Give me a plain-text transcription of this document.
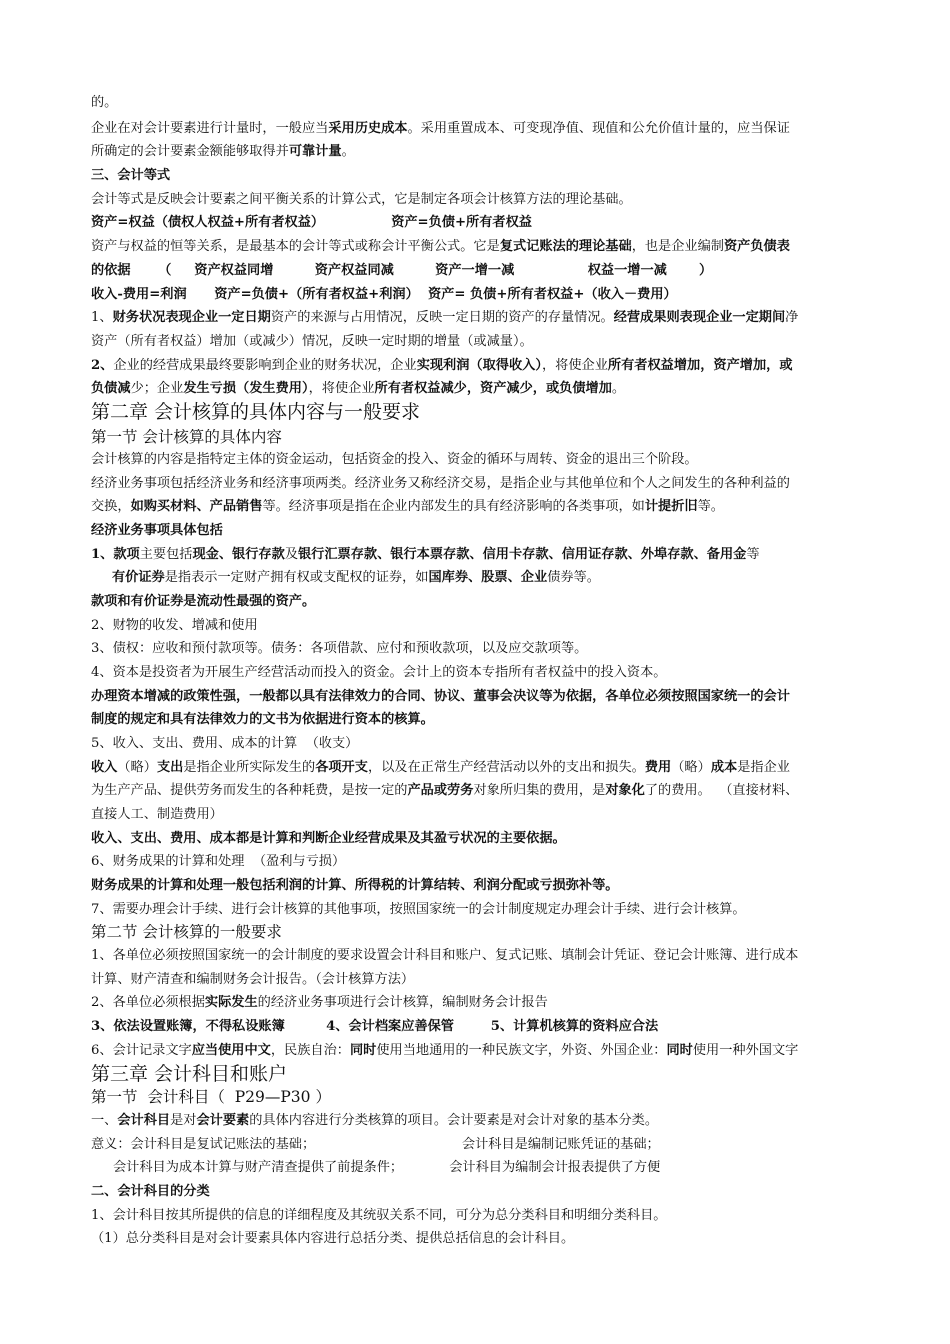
的。
企业在对会计要素进行计量时，一般应当采用历史成本。采用重置成本、可变现净值、现值和公允价值计量的，应当保证
所确定的会计要素金额能够取得并可靠计量。
三、会计等式
会计等式是反映会计要素之间平衡关系的计算公式，它是制定各项会计核算方法的理论基础。
资产=权益（债权人权益+所有者权益）	资产=负债+所有者权益
资产与权益的恒等关系，是最基本的会计等式或称会计平衡公式。它是复式记账法的理论基础，也是企业编制资产负债表
的依据      （     资产权益同增         资产权益同减         资产一增一减                权益一增一减       ）
收入-费用=利润      资产=负债+（所有者权益+利润）  资产= 负债+所有者权益+（收入－费用）
1、财务状况表现企业一定日期资产的来源与占用情况，反映一定日期的资产的存量情况。经营成果则表现企业一定期间净
资产（所有者权益）增加（或减少）情况，反映一定时期的增量（或减量）。
2、企业的经营成果最终要影响到企业的财务状况，企业实现利润（取得收入），将使企业所有者权益增加，资产增加，或
负债减少；企业发生亏损（发生费用），将使企业所有者权益减少，资产减少，或负债增加。
第二章 会计核算的具体内容与一般要求
第一节 会计核算的具体内容
会计核算的内容是指特定主体的资金运动，包括资金的投入、资金的循环与周转、资金的退出三个阶段。
经济业务事项包括经济业务和经济事项两类。经济业务又称经济交易，是指企业与其他单位和个人之间发生的各种利益的
交换，如购买材料、产品销售等。经济事项是指在企业内部发生的具有经济影响的各类事项，如计提折旧等。
经济业务事项具体包括
1、款项主要包括现金、银行存款及银行汇票存款、银行本票存款、信用卡存款、信用证存款、外埠存款、备用金等
有价证券是指表示一定财产拥有权或支配权的证券，如国库券、股票、企业债券等。
款项和有价证券是流动性最强的资产。
2、财物的收发、增减和使用
3、债权：应收和预付款项等。债务：各项借款、应付和预收款项，以及应交款项等。
4、资本是投资者为开展生产经营活动而投入的资金。会计上的资本专指所有者权益中的投入资本。
办理资本增减的政策性强，一般都以具有法律效力的合同、协议、董事会决议等为依据，各单位必须按照国家统一的会计
制度的规定和具有法律效力的文书为依据进行资本的核算。
5、收入、支出、费用、成本的计算  （收支）
收入（略）支出是指企业所实际发生的各项开支，以及在正常生产经营活动以外的支出和损失。费用（略）成本是指企业
为生产产品、提供劳务而发生的各种耗费，是按一定的产品或劳务对象所归集的费用，是对象化了的费用。  （直接材料、
直接人工、制造费用）
收入、支出、费用、成本都是计算和判断企业经营成果及其盈亏状况的主要依据。
6、财务成果的计算和处理  （盈利与亏损）
财务成果的计算和处理一般包括利润的计算、所得税的计算结转、利润分配或亏损弥补等。
7、需要办理会计手续、进行会计核算的其他事项，按照国家统一的会计制度规定办理会计手续、进行会计核算。
第二节 会计核算的一般要求
1、各单位必须按照国家统一的会计制度的要求设置会计科目和账户、复式记账、填制会计凭证、登记会计账簿、进行成本
计算、财产清查和编制财务会计报告。（会计核算方法）
2、各单位必须根据实际发生的经济业务事项进行会计核算，编制财务会计报告
3、依法设置账簿，不得私设账簿         4、会计档案应善保管        5、计算机核算的资料应合法
6、会计记录文字应当使用中文，民族自治：同时使用当地通用的一种民族文字，外资、外国企业：同时使用一种外国文字
第三章 会计科目和账户
第一节  会计科目（  P29—P30 ）
一、会计科目是对会计要素的具体内容进行分类核算的项目。会计要素是对会计对象的基本分类。
意义：会计科目是复试记账法的基础；                                   会计科目是编制记账凭证的基础；
会计科目为成本计算与财产清查提供了前提条件；           会计科目为编制会计报表提供了方便
二、会计科目的分类
1、会计科目按其所提供的信息的详细程度及其统驭关系不同，可分为总分类科目和明细分类科目。
（1）总分类科目是对会计要素具体内容进行总括分类、提供总括信息的会计科目。
